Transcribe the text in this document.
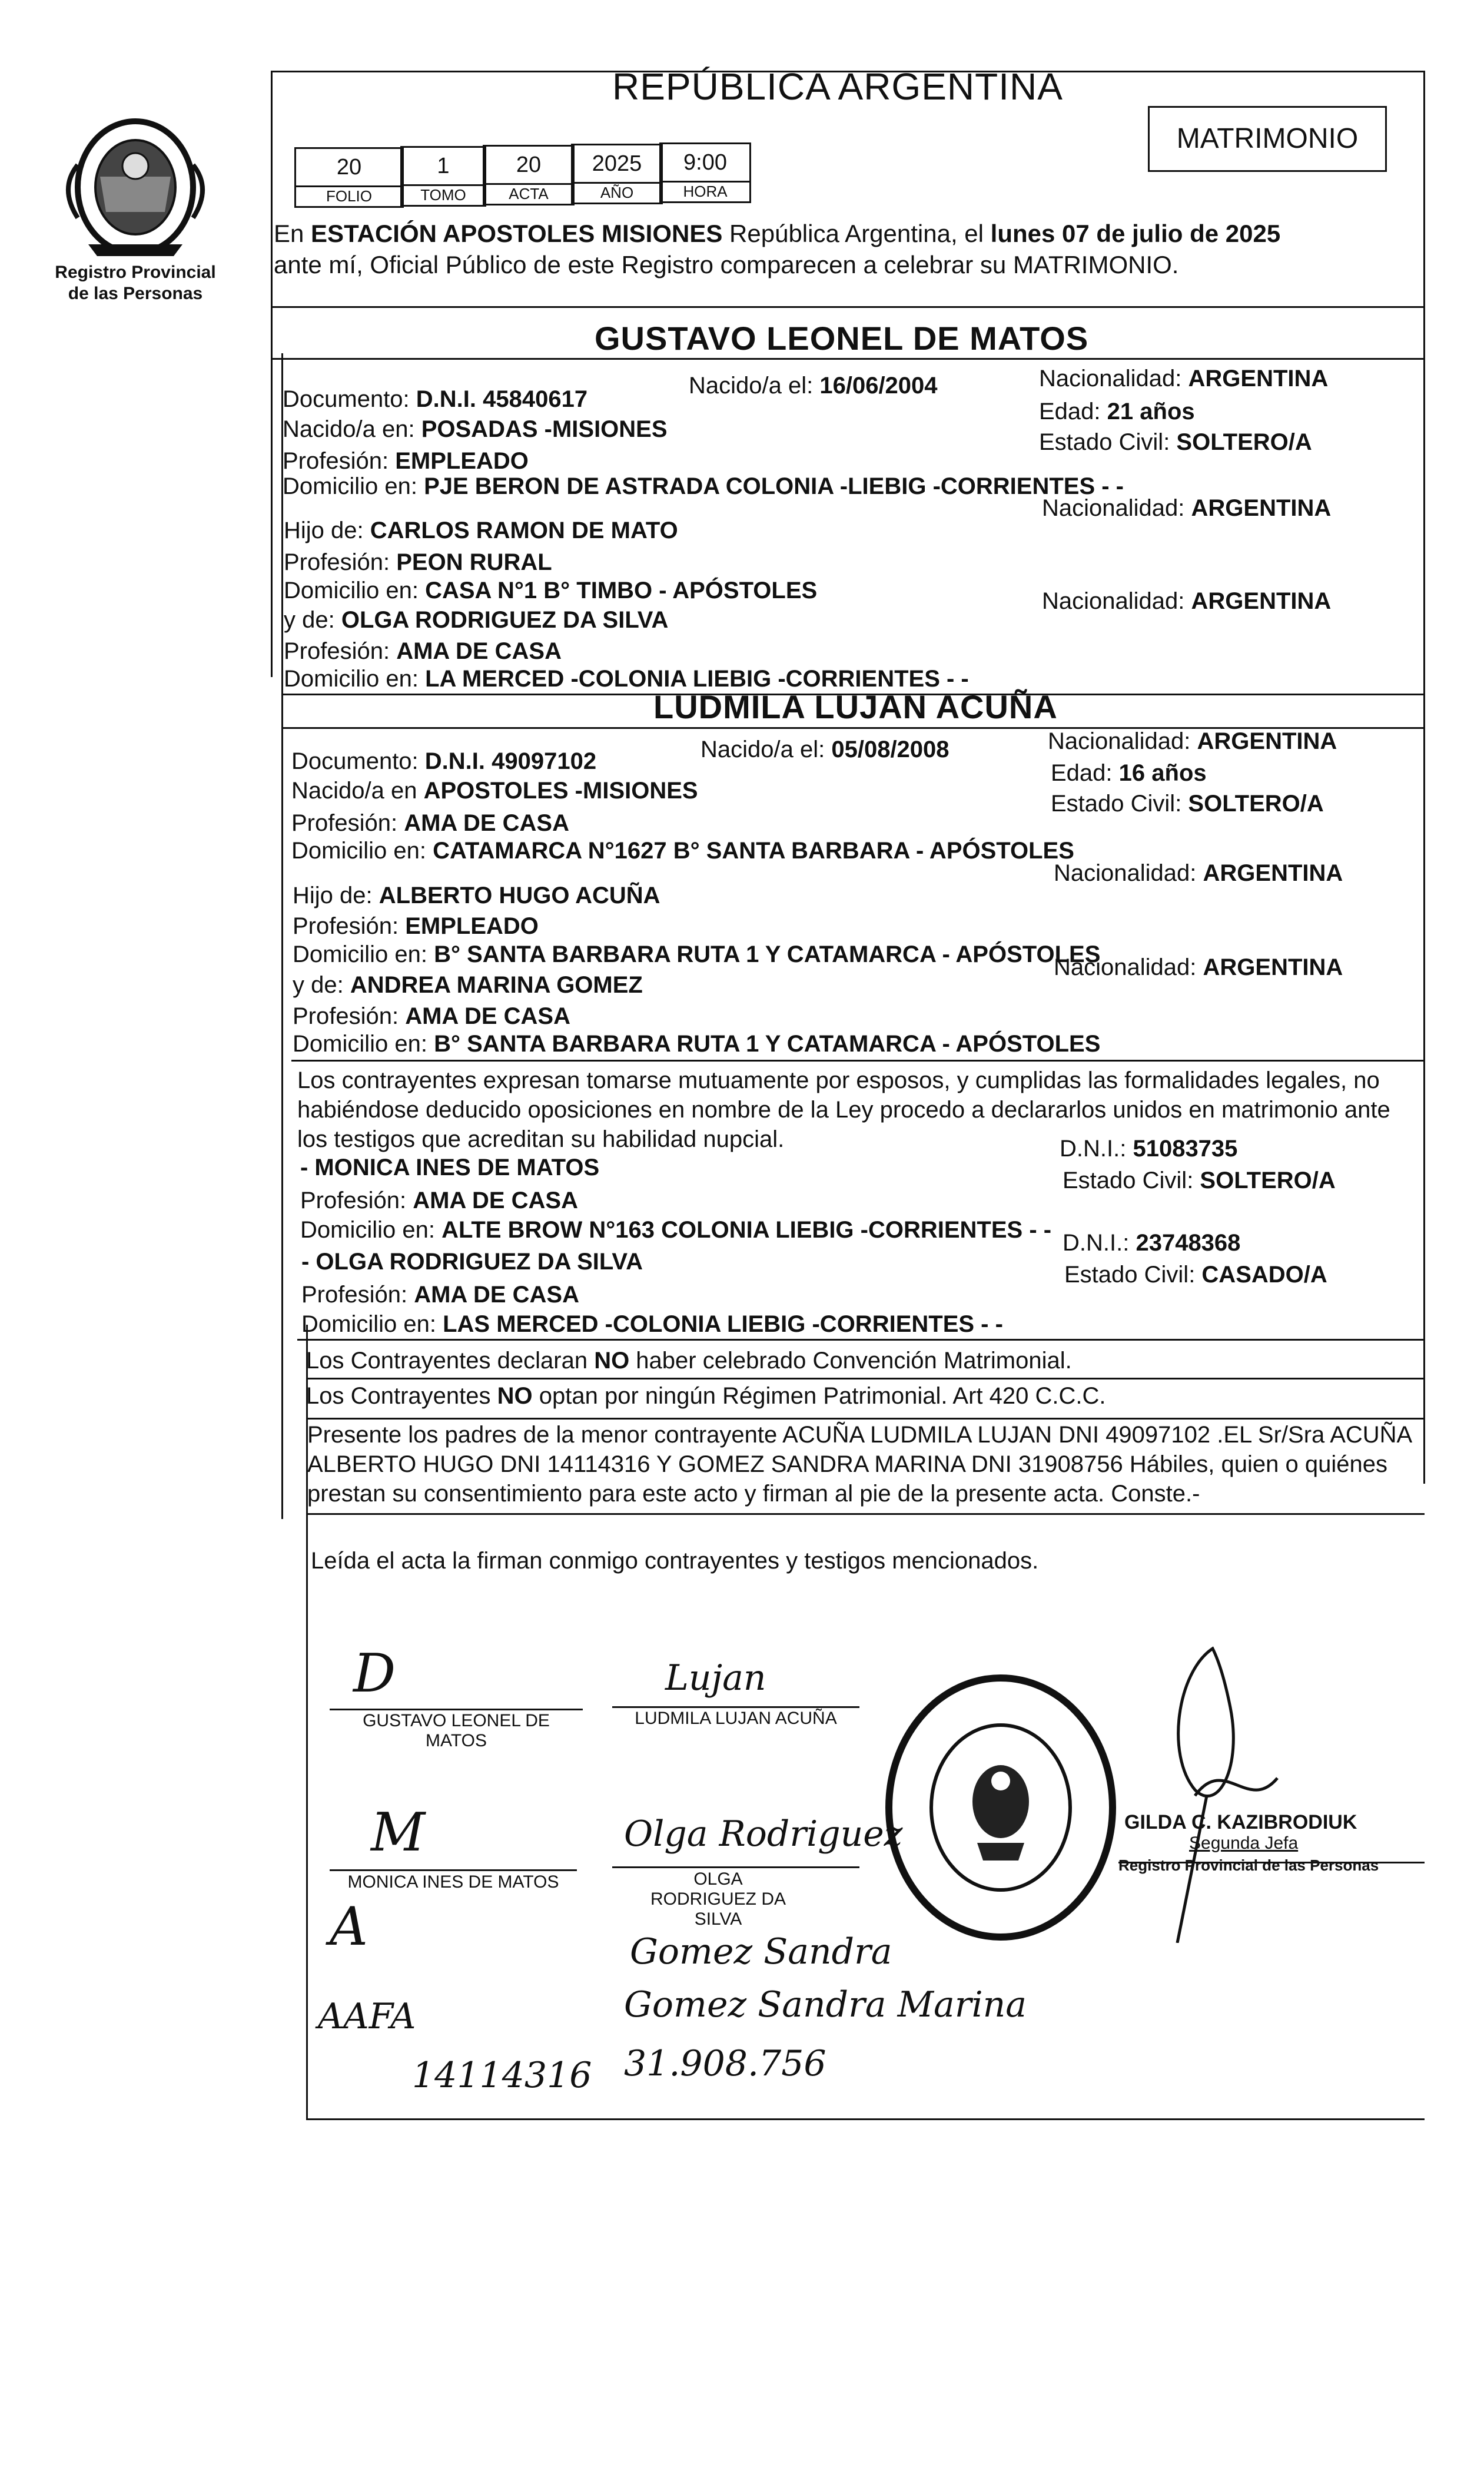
Registro Provincial
de las Personas
REPÚBLICA ARGENTINA
20	1	20	2025	9:00
FOLIO	TOMO	ACTA	AÑO	HORA
MATRIMONIO
En ESTACIÓN APOSTOLES MISIONES República Argentina, el lunes 07 de julio de 2025
ante mí, Oficial Público de este Registro comparecen a celebrar su MATRIMONIO.
GUSTAVO LEONEL DE MATOS
Documento: D.N.I. 45840617
Nacido/a el: 16/06/2004	Nacionalidad: ARGENTINA
Nacido/a en: POSADAS -MISIONES
Edad: 21 años
Profesión: EMPLEADO
Estado Civil: SOLTERO/A
Domicilio en: PJE BERON DE ASTRADA COLONIA -LIEBIG -CORRIENTES - -
Hijo de: CARLOS RAMON DE MATO
Nacionalidad: ARGENTINA
Profesión: PEON RURAL
Domicilio en: CASA N°1 B° TIMBO - APÓSTOLES
y de: OLGA RODRIGUEZ DA SILVA
Nacionalidad: ARGENTINA
Profesión: AMA DE CASA
Domicilio en: LA MERCED -COLONIA LIEBIG -CORRIENTES - -
LUDMILA LUJAN ACUÑA
Documento: D.N.I. 49097102	Nacido/a el: 05/08/2008	Nacionalidad: ARGENTINA
Nacido/a en APOSTOLES -MISIONES
Edad: 16 años
Profesión: AMA DE CASA
Estado Civil: SOLTERO/A
Domicilio en: CATAMARCA N°1627 B° SANTA BARBARA - APÓSTOLES
Hijo de: ALBERTO HUGO ACUÑA
Nacionalidad: ARGENTINA
Profesión: EMPLEADO
Domicilio en: B° SANTA BARBARA RUTA 1 Y CATAMARCA - APÓSTOLES
y de: ANDREA MARINA GOMEZ
Nacionalidad: ARGENTINA
Profesión: AMA DE CASA
Domicilio en: B° SANTA BARBARA RUTA 1 Y CATAMARCA - APÓSTOLES
Los contrayentes expresan tomarse mutuamente por esposos, y cumplidas las formalidades legales, no habiéndose deducido oposiciones en nombre de la Ley procedo a declararlos unidos en matrimonio ante los testigos que acreditan su habilidad nupcial.
- MONICA INES DE MATOS
D.N.I.: 51083735
Estado Civil: SOLTERO/A
Profesión: AMA DE CASA
Domicilio en: ALTE BROW N°163 COLONIA LIEBIG -CORRIENTES - -
- OLGA RODRIGUEZ DA SILVA
D.N.I.: 23748368
Estado Civil: CASADO/A
Profesión: AMA DE CASA
Domicilio en: LAS MERCED -COLONIA LIEBIG -CORRIENTES - -
Los Contrayentes declaran NO haber celebrado Convención Matrimonial.
Los Contrayentes NO optan por ningún Régimen Patrimonial. Art 420 C.C.C.
Presente los padres de la menor contrayente ACUÑA LUDMILA LUJAN DNI 49097102 .EL Sr/Sra ACUÑA ALBERTO HUGO DNI 14114316 Y GOMEZ SANDRA MARINA DNI 31908756 Hábiles, quien o quiénes prestan su consentimiento para este acto y firman al pie de la presente acta. Conste.-
Leída el acta la firman conmigo contrayentes y testigos mencionados.
D
GUSTAVO LEONEL DE MATOS
Lujan
LUDMILA LUJAN ACUÑA
M
MONICA INES DE MATOS
Olga Rodriguez
OLGA RODRIGUEZ DA SILVA
GILDA C. KAZIBRODIUK
Segunda Jefa
Registro Provincial de las Personas
A	Gomez Sandra
AAFA	Gomez Sandra Marina
14114316 31.908.756
